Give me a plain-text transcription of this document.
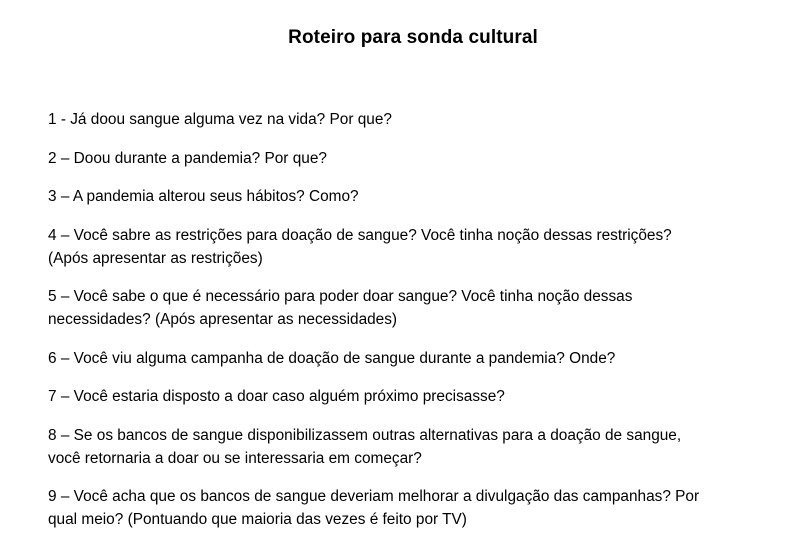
Roteiro para sonda cultural
1 - Já doou sangue alguma vez na vida? Por que?
2 – Doou durante a pandemia? Por que?
3 – A pandemia alterou seus hábitos? Como?
4 – Você sabre as restrições para doação de sangue? Você tinha noção dessas restrições?
(Após apresentar as restrições)
5 – Você sabe o que é necessário para poder doar sangue? Você tinha noção dessas
necessidades? (Após apresentar as necessidades)
6 – Você viu alguma campanha de doação de sangue durante a pandemia? Onde?
7 – Você estaria disposto a doar caso alguém próximo precisasse?
8 – Se os bancos de sangue disponibilizassem outras alternativas para a doação de sangue,
você retornaria a doar ou se interessaria em começar?
9 – Você acha que os bancos de sangue deveriam melhorar a divulgação das campanhas? Por
qual meio? (Pontuando que maioria das vezes é feito por TV)
